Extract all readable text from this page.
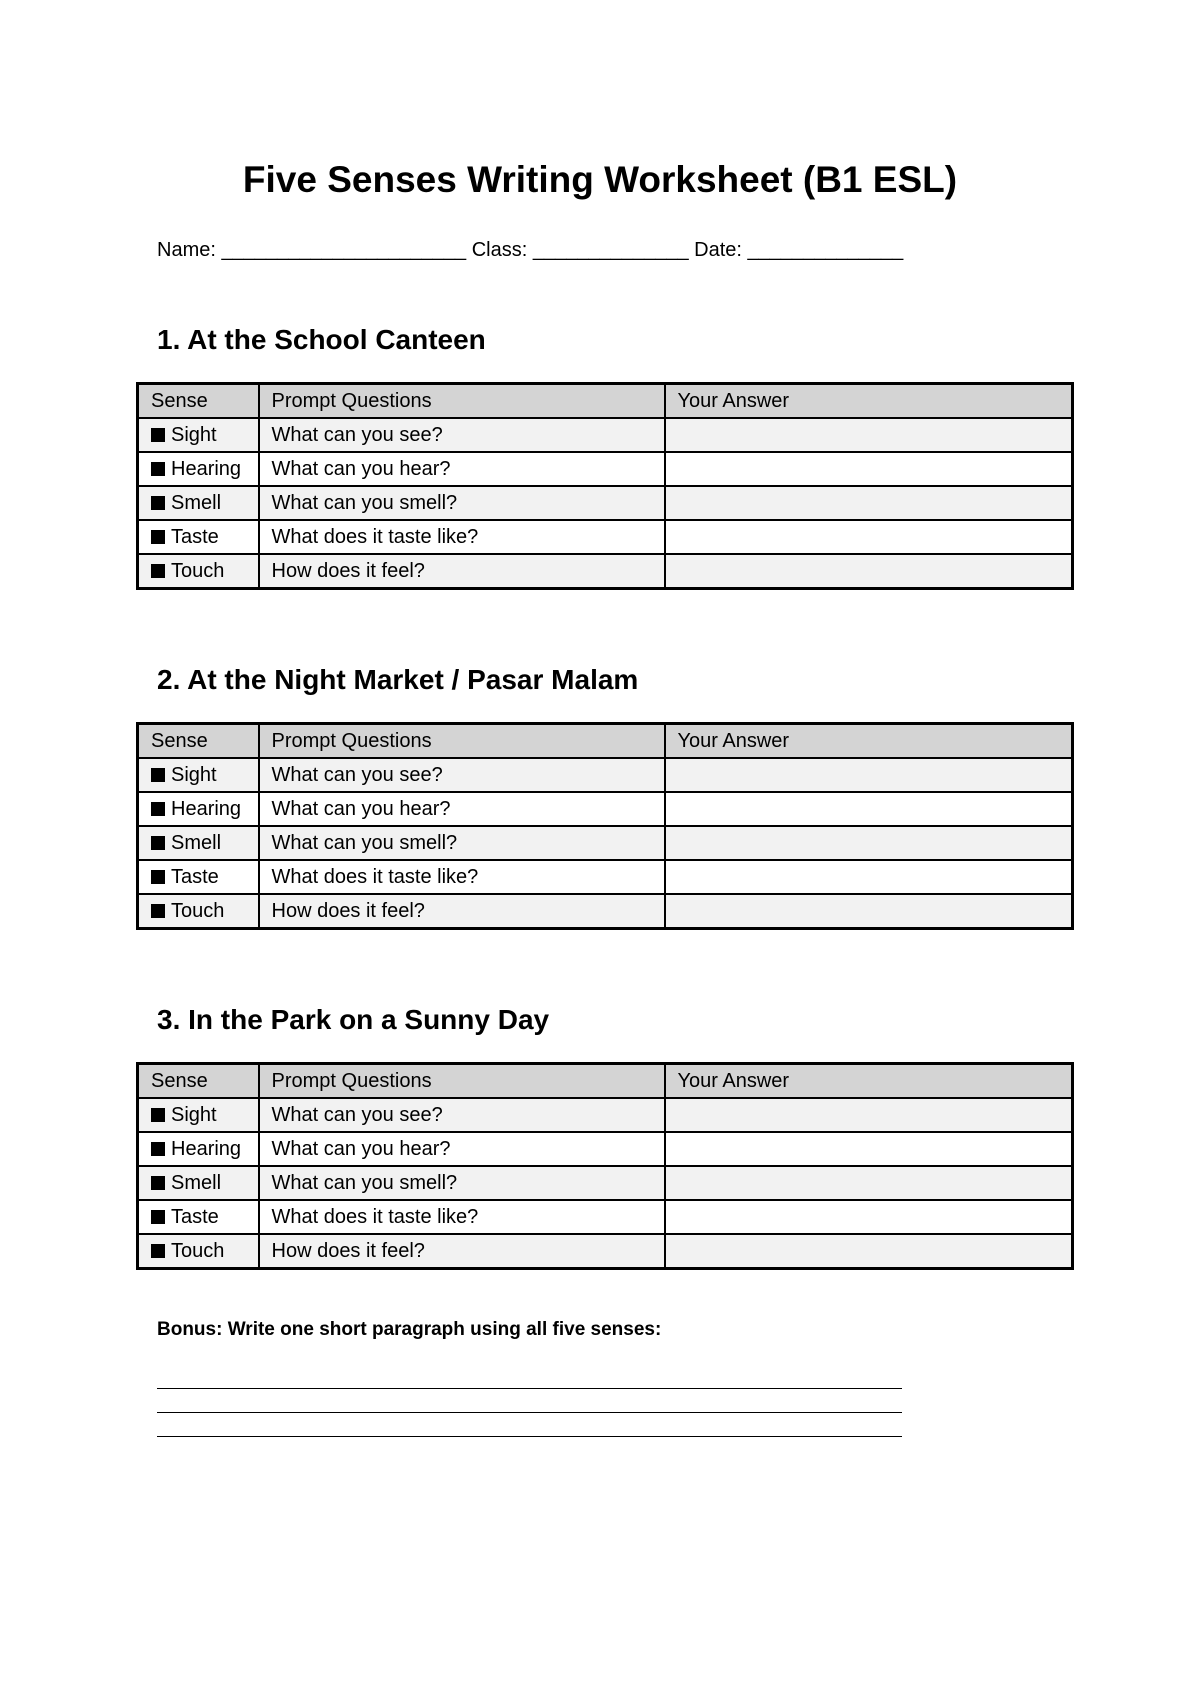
Five Senses Writing Worksheet (B1 ESL)
Name: ______________________ Class: ______________ Date: ______________
1. At the School Canteen
Sense	Prompt Questions	Your Answer
Sight	What can you see?	
Hearing	What can you hear?	
Smell	What can you smell?	
Taste	What does it taste like?	
Touch	How does it feel?	
2. At the Night Market / Pasar Malam
Sense	Prompt Questions	Your Answer
Sight	What can you see?	
Hearing	What can you hear?	
Smell	What can you smell?	
Taste	What does it taste like?	
Touch	How does it feel?	
3. In the Park on a Sunny Day
Sense	Prompt Questions	Your Answer
Sight	What can you see?	
Hearing	What can you hear?	
Smell	What can you smell?	
Taste	What does it taste like?	
Touch	How does it feel?	
Bonus: Write one short paragraph using all five senses:
